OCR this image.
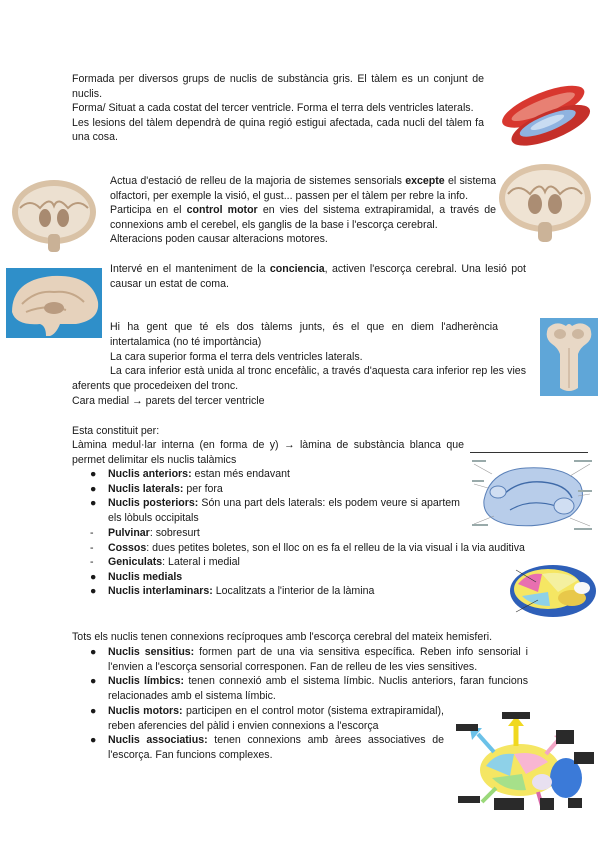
Formada per diversos grups de nuclis de substància gris. El tàlem es un conjunt de nuclis.
Forma/ Situat a cada costat del tercer ventricle. Forma el terra dels ventricles laterals.
Les lesions del tàlem dependrà de quina regió estigui afectada, cada nucli del tàlem fa una cosa.
Actua d'estació de relleu de la majoria de sistemes sensorials excepte el sistema olfactori, per exemple la visió, el gust... passen per el tàlem per rebre la info.
Participa en el control motor en vies del sistema extrapiramidal, a través de connexions amb el cerebel, els ganglis de la base i l'escorça cerebral.
Alteracions poden causar alteracions motores.
Intervé en el manteniment de la conciencia, activen l'escorça cerebral. Una lesió pot causar un estat de coma.
Hi ha gent que té els dos tàlems junts, és el que en diem l'adherència intertalamica (no té importància)
La cara superior forma el terra dels ventricles laterals.
La cara inferior està unida al tronc encefàlic, a través d'aquesta cara inferior rep les vies aferents que procedeixen del tronc.
Cara medial → parets del tercer ventricle
Esta constituit per:
Làmina medul·lar interna (en forma de y) → làmina de substància blanca que permet delimitar els nuclis talàmics
● Nuclis anteriors: estan més endavant
● Nuclis laterals: per fora
● Nuclis posteriors: Són una part dels laterals: els podem veure si apartem els lòbuls occipitals
- Pulvinar: sobresurt
- Cossos: dues petites boletes, son el lloc on es fa el relleu de la via visual i la via auditiva
- Geniculats: Lateral i medial
● Nuclis medials
● Nuclis interlaminars: Localitzats a l'interior de la làmina
Tots els nuclis tenen connexions recíproques amb l'escorça cerebral del mateix hemisferi.
● Nuclis sensitius: formen part de una via sensitiva específica. Reben info sensorial i l'envien a l'escorça sensorial corresponen. Fan de relleu de les vies sensitives.
● Nuclis límbics: tenen connexió amb el sistema límbic. Nuclis anteriors, faran funcions relacionades amb el sistema límbic.
● Nuclis motors: participen en el control motor (sistema extrapiramidal), reben aferencies del pàlid i envien connexions a l'escorça
● Nuclis associatius: tenen connexions amb àrees associatives de l'escorça. Fan funcions complexes.
